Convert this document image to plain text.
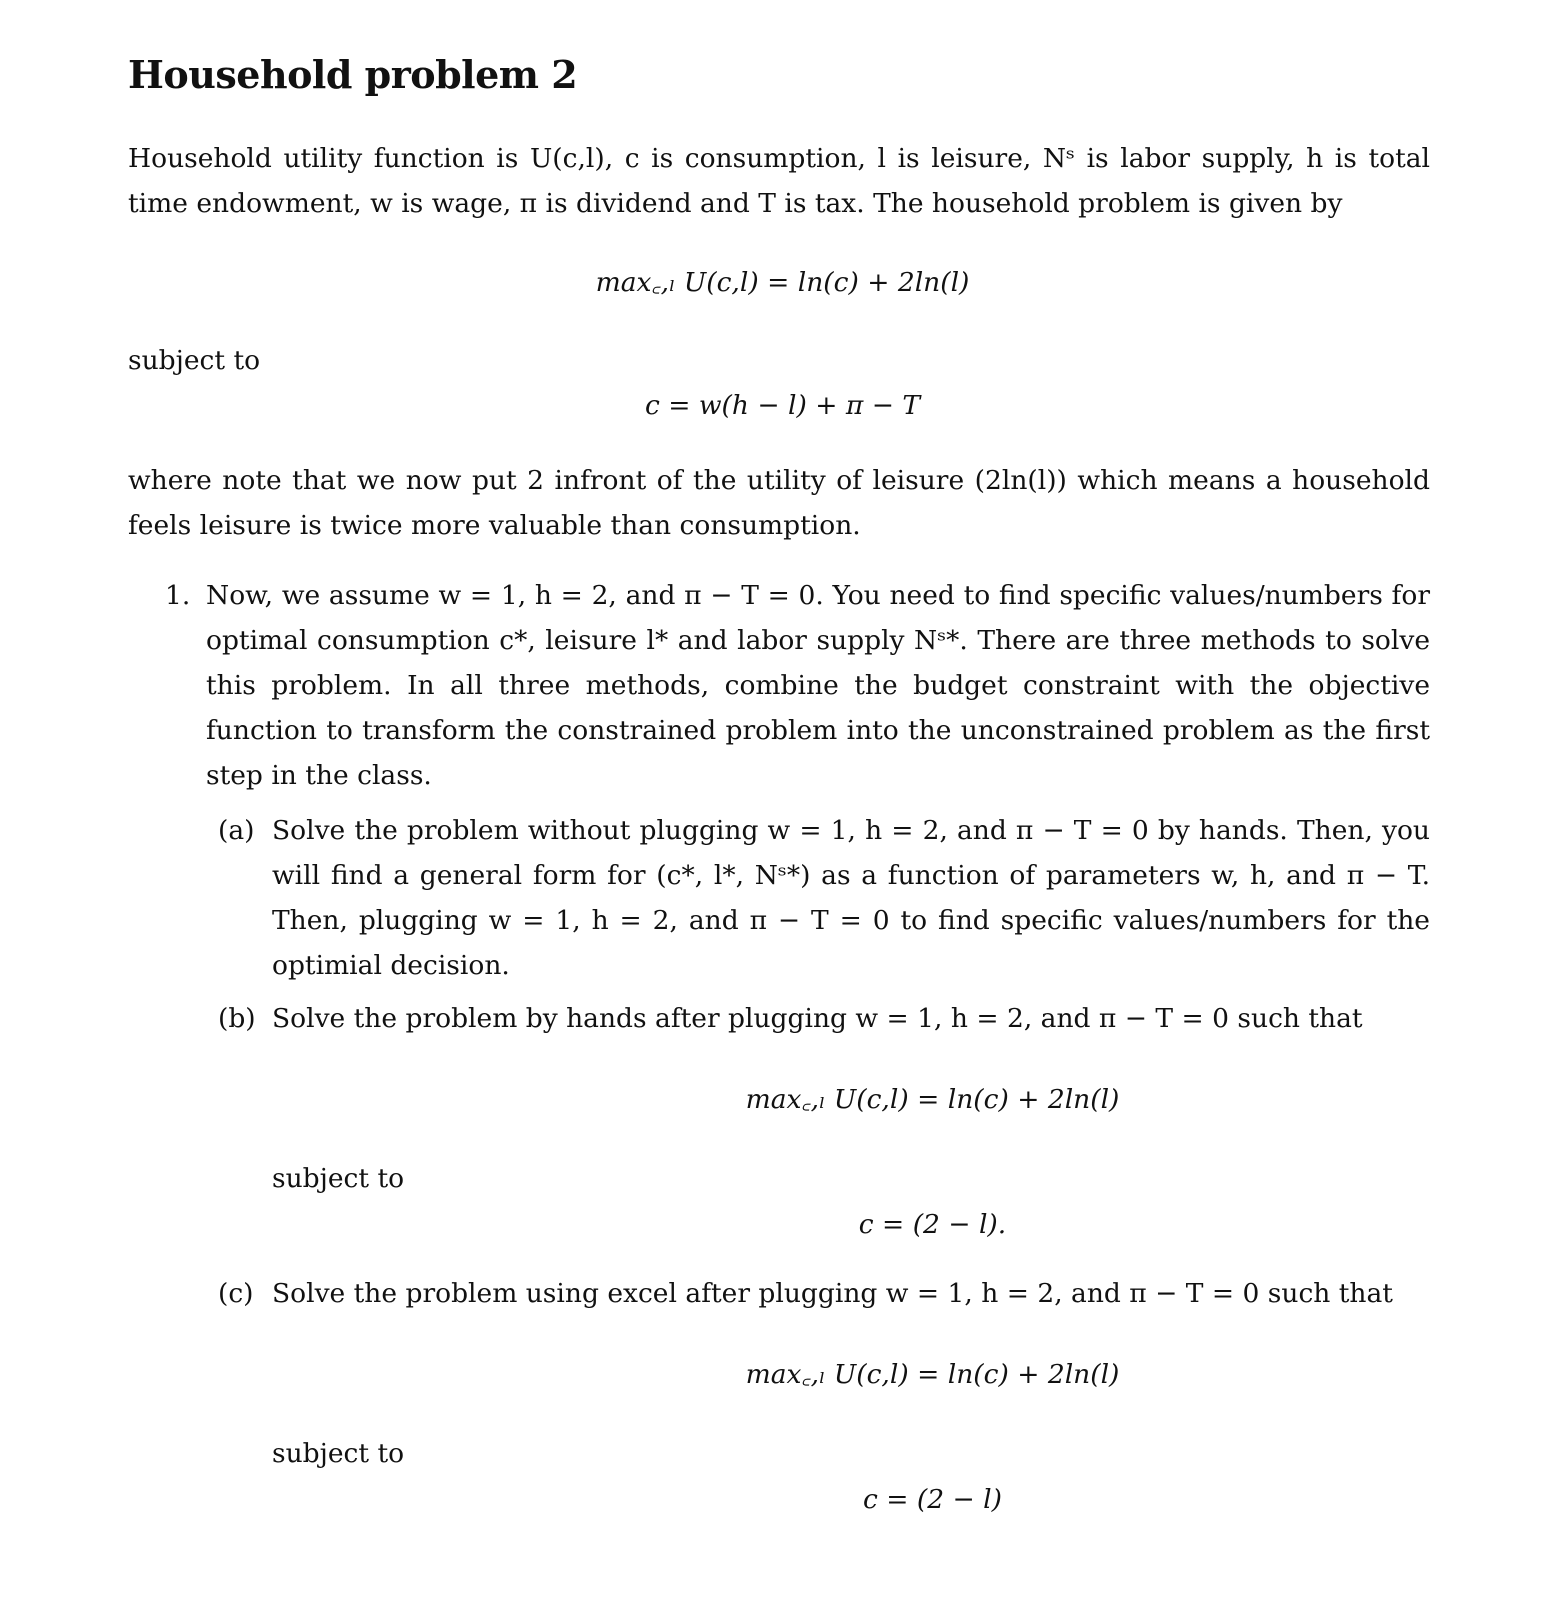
Household problem 2

Household utility function is U(c,l), c is consumption, l is leisure, Nˢ is labor supply, h is total time endowment, w is wage, π is dividend and T is tax. The household problem is given by

max꜀,ₗ U(c,l) = ln(c) + 2ln(l)

subject to

c = w(h − l) + π − T

where note that we now put 2 infront of the utility of leisure (2ln(l)) which means a household feels leisure is twice more valuable than consumption.

1. Now, we assume w = 1, h = 2, and π − T = 0. You need to find specific values/numbers for optimal consumption c*, leisure l* and labor supply Nˢ*. There are three methods to solve this problem. In all three methods, combine the budget constraint with the objective function to transform the constrained problem into the unconstrained problem as the first step in the class.

(a) Solve the problem without plugging w = 1, h = 2, and π − T = 0 by hands. Then, you will find a general form for (c*, l*, Nˢ*) as a function of parameters w, h, and π − T. Then, plugging w = 1, h = 2, and π − T = 0 to find specific values/numbers for the optimial decision.

(b) Solve the problem by hands after plugging w = 1, h = 2, and π − T = 0 such that

max꜀,ₗ U(c,l) = ln(c) + 2ln(l)

subject to

c = (2 − l).

(c) Solve the problem using excel after plugging w = 1, h = 2, and π − T = 0 such that

max꜀,ₗ U(c,l) = ln(c) + 2ln(l)

subject to

c = (2 − l)
